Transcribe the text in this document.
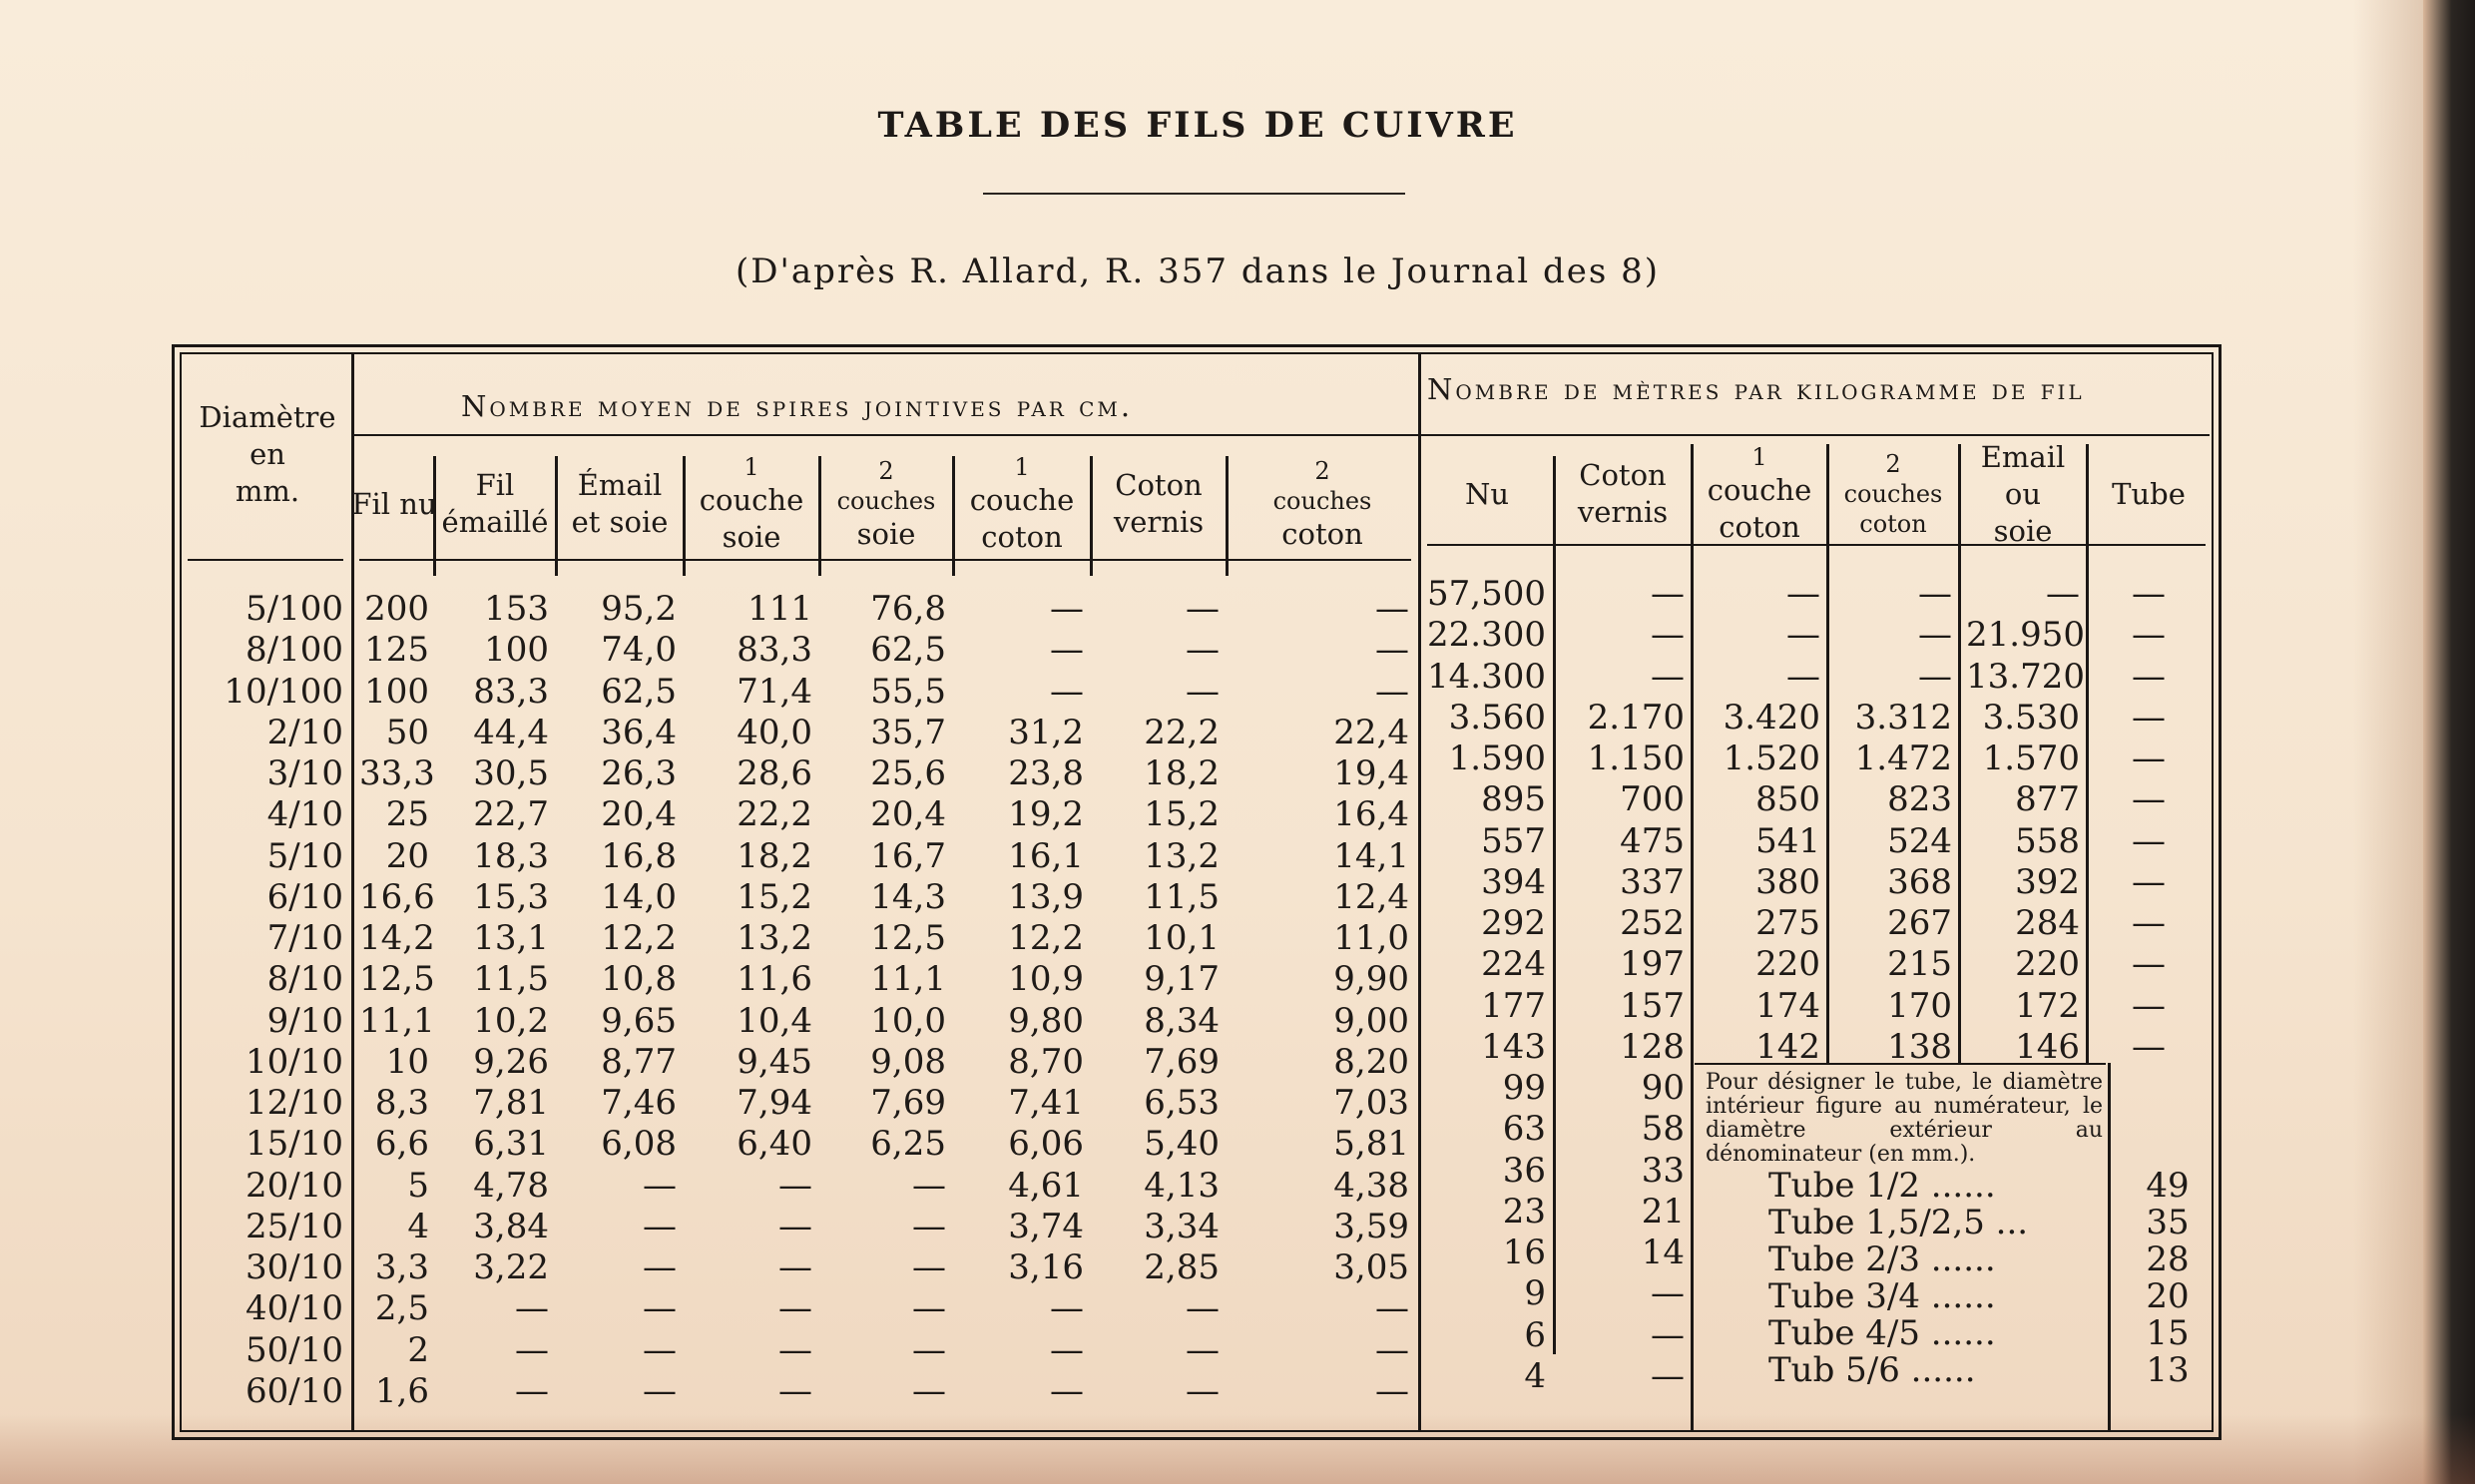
TABLE DES FILS DE CUIVRE
(D'après R. Allard, R. 357 dans le Journal des 8)
Diamètre
en
mm.
Nombre moyen de spires jointives par cm.	Nombre de mètres par kilogramme de fil
Fil nu
Fil
émaillé
Émail
et soie
1
couche
soie
2
couches
soie
1
couche
coton
Coton
vernis
2
couches
coton
Nu
Coton
vernis
1
couche
coton
2
couches
coton
Email
ou
soie
Tube
5/100
8/100
10/100
2/10
3/10
4/10
5/10
6/10
7/10
8/10
9/10
10/10
12/10
15/10
20/10
25/10
30/10
40/10
50/10
60/10
200
125
100
50
33,3
25
20
16,6
14,2
12,5
11,1
10
8,3
6,6
5
4
3,3
2,5
2
1,6
153
100
83,3
44,4
30,5
22,7
18,3
15,3
13,1
11,5
10,2
9,26
7,81
6,31
4,78
3,84
3,22
—
—
—
95,2
74,0
62,5
36,4
26,3
20,4
16,8
14,0
12,2
10,8
9,65
8,77
7,46
6,08
—
—
—
—
—
—
111
83,3
71,4
40,0
28,6
22,2
18,2
15,2
13,2
11,6
10,4
9,45
7,94
6,40
—
—
—
—
—
—
76,8
62,5
55,5
35,7
25,6
20,4
16,7
14,3
12,5
11,1
10,0
9,08
7,69
6,25
—
—
—
—
—
—
—
—
—
31,2
23,8
19,2
16,1
13,9
12,2
10,9
9,80
8,70
7,41
6,06
4,61
3,74
3,16
—
—
—
—
—
—
22,2
18,2
15,2
13,2
11,5
10,1
9,17
8,34
7,69
6,53
5,40
4,13
3,34
2,85
—
—
—
—
—
—
22,4
19,4
16,4
14,1
12,4
11,0
9,90
9,00
8,20
7,03
5,81
4,38
3,59
3,05
—
—
—
57,500
22.300
14.300
3.560
1.590
895
557
394
292
224
177
143
99
63
36
23
16
9
6
4
—
—
—
2.170
1.150
700
475
337
252
197
157
128
90
58
33
21
14
—
—
—
—
—
—
3.420
1.520
850
541
380
275
220
174
142
—
—
—
3.312
1.472
823
524
368
267
215
170
138
—
21.950
13.720
3.530
1.570
877
558
392
284
220
172
146
—
—
—
—
—
—
—
—
—
—
—
—
Pour désigner le tube, le diamètre intérieur figure au numérateur, le diamètre extérieur au dénominateur (en mm.).
Tube 1/2 ......
Tube 1,5/2,5 ...
Tube 2/3 ......
Tube 3/4 ......
Tube 4/5 ......
Tub 5/6 ......
49
35
28
20
15
13
